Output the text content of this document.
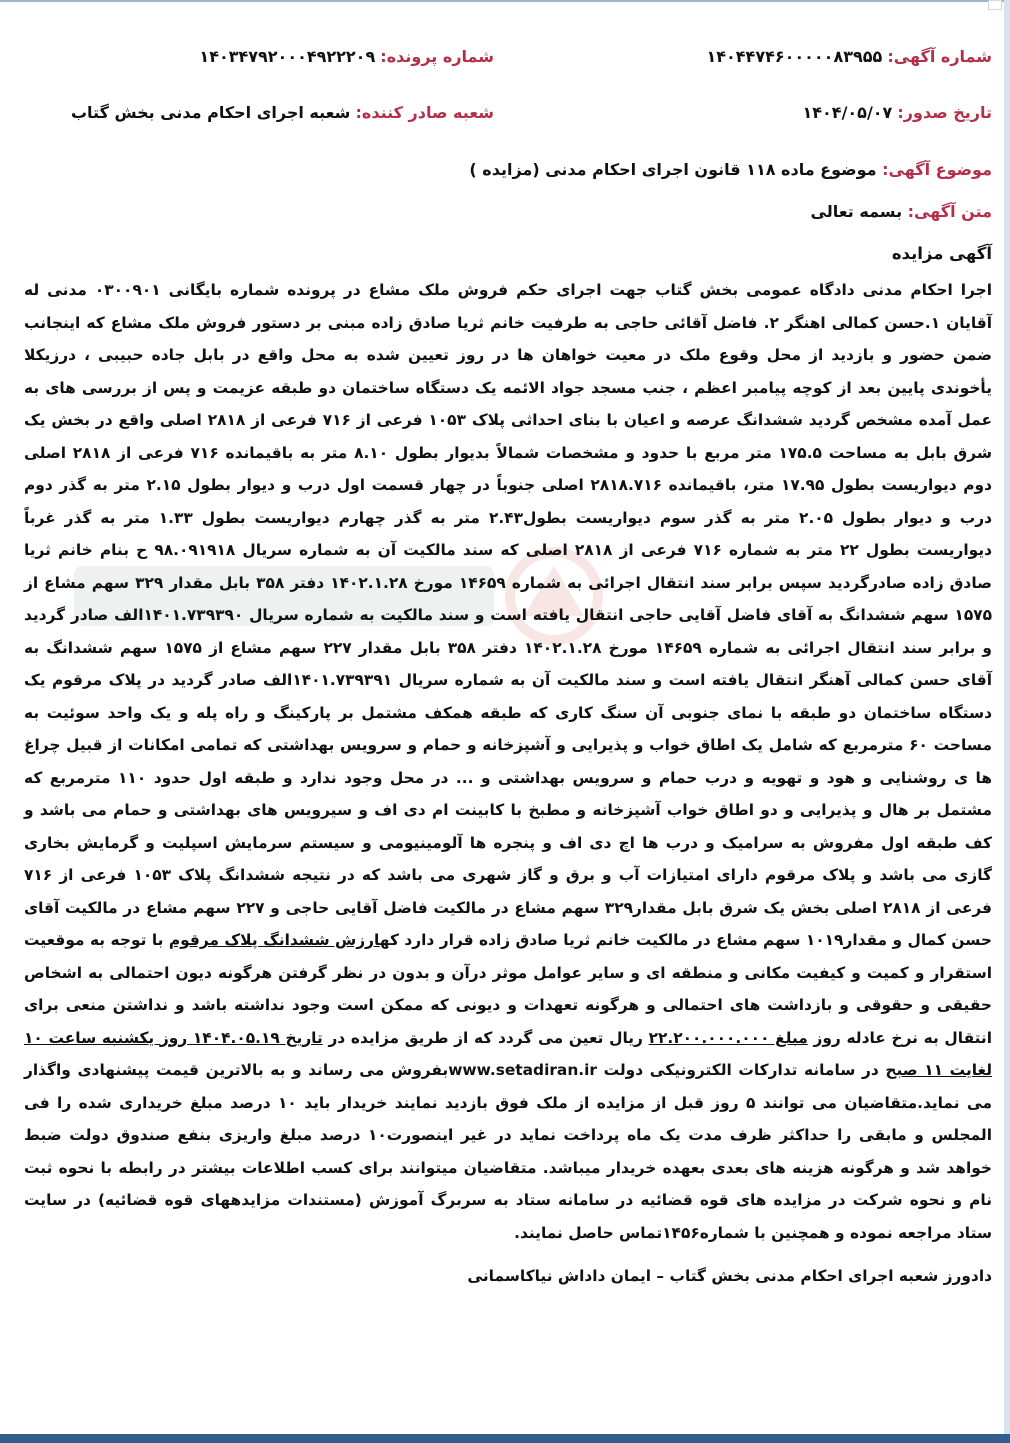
شماره آگهی: ۱۴۰۴۴۷۴۶۰۰۰۰۰۸۳۹۵۵
شماره پرونده: ۱۴۰۳۴۷۹۲۰۰۰۴۹۲۲۲۰۹
تاریخ صدور: ۱۴۰۴/۰۵/۰۷
شعبه صادر کننده: شعبه اجرای احکام مدنی بخش گتاب
موضوع آگهی: موضوع ماده ۱۱۸ قانون اجرای احکام مدنی (مزایده )
متن آگهی: بسمه تعالی
آگهی مزایده
اجرا احکام مدنی دادگاه عمومی بخش گتاب جهت اجرای حکم فروش ملک مشاع در پرونده شماره بایگانی ۰۳۰۰۹۰۱ مدنی له آقایان ۱.حسن کمالی اهنگر ۲. فاضل آقائی حاجی به طرفیت خانم ثریا صادق زاده مبنی بر دستور فروش ملک مشاع که اینجانب ضمن حضور و بازدید از محل وقوع ملک در معیت خواهان ها در روز تعیین شده به محل واقع در بابل جاده حبیبی ، درزیکلا یأخوندی پایین بعد از کوچه پیامبر اعظم ، جنب مسجد جواد الائمه یک دستگاه ساختمان دو طبقه عزیمت و پس از بررسی های به عمل آمده مشخص گردید ششدانگ عرصه و اعیان با بنای احداثی پلاک ۱۰۵۳ فرعی از ۷۱۶ فرعی از ۲۸۱۸ اصلی واقع در بخش یک شرق بابل به مساحت ۱۷۵.۵ متر مربع با حدود و مشخصات شمالاً بدیوار بطول ۸.۱۰ متر به باقیمانده ۷۱۶ فرعی از ۲۸۱۸ اصلی دوم دیواریست بطول ۱۷.۹۵ متر، باقیمانده ۲۸۱۸.۷۱۶ اصلی جنوباً در چهار قسمت اول درب و دیوار بطول ۲.۱۵ متر به گذر دوم درب و دیوار بطول ۲.۰۵ متر به گذر سوم دیواریست بطول۲.۴۳ متر به گذر چهارم دیواریست بطول ۱.۳۳ متر به گذر غرباً دیواریست بطول ۲۲ متر به شماره ۷۱۶ فرعی از ۲۸۱۸ اصلی که سند مالکیت آن به شماره سریال ۹۸.۰۹۱۹۱۸ ح بنام خانم ثریا صادق زاده صادرگردید سپس برابر سند انتقال اجرائی به شماره ۱۴۶۵۹ مورخ ۱۴۰۲.۱.۲۸ دفتر ۳۵۸ بابل مقدار ۳۲۹ سهم مشاع از ۱۵۷۵ سهم ششدانگ به آقای فاضل آقایی حاجی انتقال یافته است و سند مالکیت به شماره سریال ۱۴۰۱.۷۳۹۳۹۰الف صادر گردید و برابر سند انتقال اجرائی به شماره ۱۴۶۵۹ مورخ ۱۴۰۲.۱.۲۸ دفتر ۳۵۸ بابل مقدار ۲۲۷ سهم مشاع از ۱۵۷۵ سهم ششدانگ به آقای حسن کمالی آهنگر انتقال یافته است و سند مالکیت آن به شماره سریال ۱۴۰۱.۷۳۹۳۹۱الف صادر گردید در پلاک مرقوم یک دستگاه ساختمان دو طبقه با نمای جنوبی آن سنگ کاری که طبقه همکف مشتمل بر پارکینگ و راه پله و یک واحد سوئیت به مساحت ۶۰ مترمربع که شامل یک اطاق خواب و پذیرایی و آشپزخانه و حمام و سرویس بهداشتی که تمامی امکانات از قبیل چراغ ها ی روشنایی و هود و تهویه و درب حمام و سرویس بهداشتی و ... در محل وجود ندارد و طبقه اول حدود ۱۱۰ مترمربع که مشتمل بر هال و پذیرایی و دو اطاق خواب آشپزخانه و مطبخ با کابینت ام دی اف و سیرویس های بهداشتی و حمام می باشد و کف طبقه اول مفروش به سرامیک و درب ها اچ دی اف و پنجره ها آلومینیومی و سیستم سرمایش اسپلیت و گرمایش بخاری گازی می باشد و پلاک مرقوم دارای امتیازات آب و برق و گاز شهری می باشد که در نتیجه ششدانگ پلاک ۱۰۵۳ فرعی از ۷۱۶ فرعی از ۲۸۱۸ اصلی بخش یک شرق بابل مقدار۳۲۹ سهم مشاع در مالکیت فاضل آقایی حاجی و ۲۲۷ سهم مشاع در مالکیت آقای حسن کمال و مقدار۱۰۱۹ سهم مشاع در مالکیت خانم ثریا صادق زاده قرار دارد کهارزش ششدانگ پلاک مرقوم با توجه به موقعیت استقرار و کمیت و کیفیت مکانی و منطقه ای و سایر عوامل موثر درآن و بدون در نظر گرفتن هرگونه دیون احتمالی به اشخاص حقیقی و حقوقی و بازداشت های احتمالی و هرگونه تعهدات و دیونی که ممکن است وجود نداشته باشد و نداشتن منعی برای انتقال به نرخ عادله روز مبلغ ۲۲.۲۰۰.۰۰۰.۰۰۰ ریال تعین می گردد که از طریق مزایده در تاریخ ۱۴۰۴.۰۵.۱۹ روز یکشنبه ساعت ۱۰ لغایت ۱۱ صبح در سامانه تدارکات الکترونیکی دولت www.setadiran.irبفروش می رساند و به بالاترین قیمت پیشنهادی واگذار می نماید.متقاضیان می توانند ۵ روز قبل از مزایده از ملک فوق بازدید نمایند خریدار باید ۱۰ درصد مبلغ خریداری شده را فی المجلس و مابقی را حداکثر ظرف مدت یک ماه پرداخت نماید در غیر اینصورت۱۰ درصد مبلغ واریزی بنفع صندوق دولت ضبط خواهد شد و هرگونه هزینه های بعدی بعهده خریدار میباشد. متقاضیان میتوانند برای کسب اطلاعات بیشتر در رابطه با نحوه ثبت نام و نحوه شرکت در مزایده های قوه قضائیه در سامانه ستاد به سربرگ آموزش (مستندات مزایدههای قوه قضائیه) در سایت ستاد مراجعه نموده و همچنین با شماره۱۴۵۶تماس حاصل نمایند.
دادورز شعبه اجرای احکام مدنی بخش گتاب – ایمان داداش نیاکاسمانی
